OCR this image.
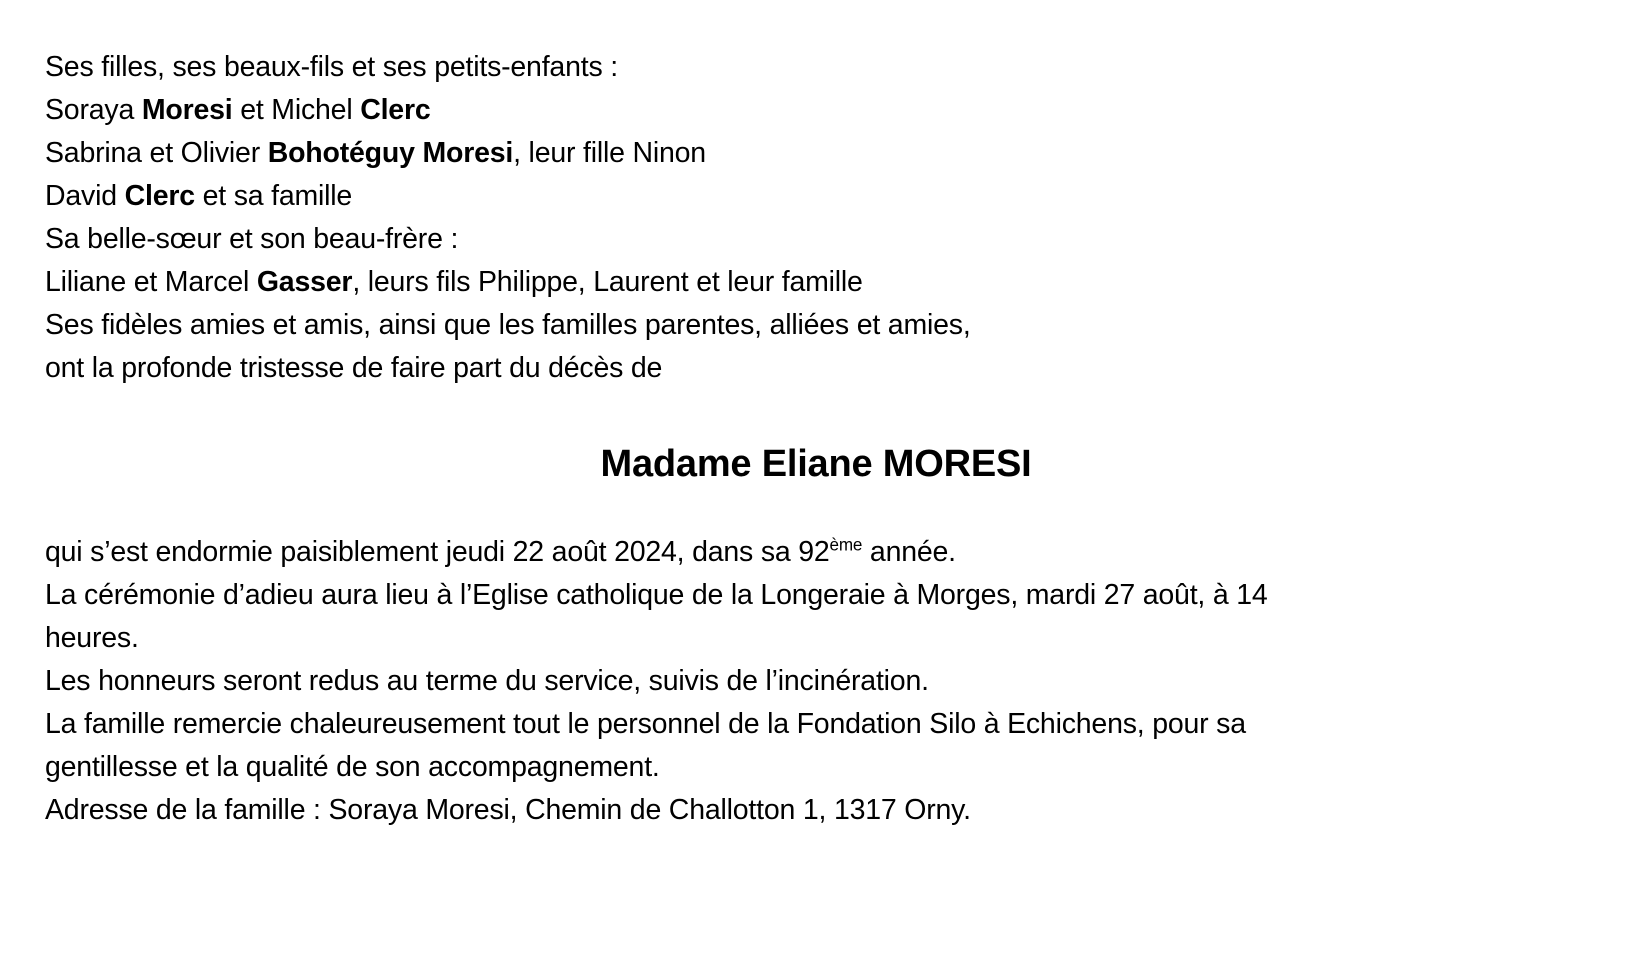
Ses filles, ses beaux-fils et ses petits-enfants :
Soraya Moresi et Michel Clerc
Sabrina et Olivier Bohotéguy Moresi, leur fille Ninon
David Clerc et sa famille
Sa belle-sœur et son beau-frère :
Liliane et Marcel Gasser, leurs fils Philippe, Laurent et leur famille
Ses fidèles amies et amis, ainsi que les familles parentes, alliées et amies,
ont la profonde tristesse de faire part du décès de
Madame Eliane MORESI
qui s’est endormie paisiblement jeudi 22 août 2024, dans sa 92ème année.
La cérémonie d’adieu aura lieu à l’Eglise catholique de la Longeraie à Morges, mardi 27 août, à 14
heures.
Les honneurs seront redus au terme du service, suivis de l’incinération.
La famille remercie chaleureusement tout le personnel de la Fondation Silo à Echichens, pour sa
gentillesse et la qualité de son accompagnement.
Adresse de la famille : Soraya Moresi, Chemin de Challotton 1, 1317 Orny.
